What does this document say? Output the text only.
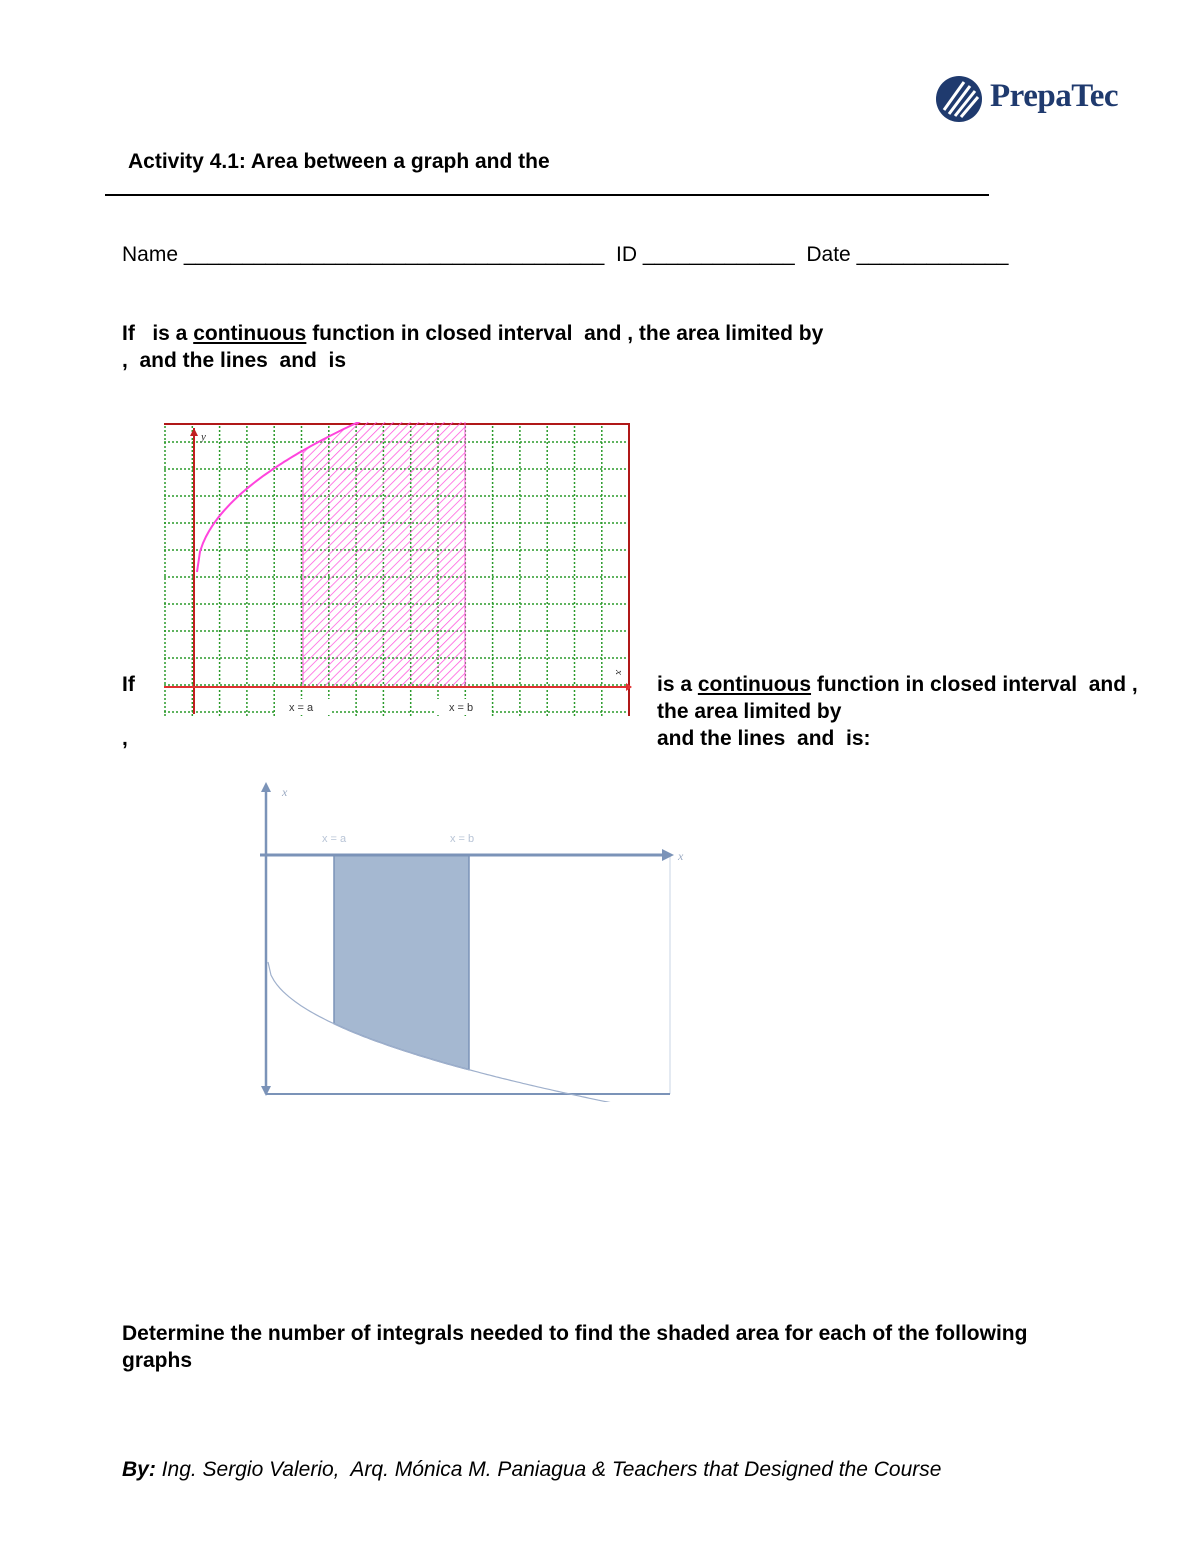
PrepaTec
Activity 4.1: Area between a graph and the
Name ____________________________________ ID _____________ Date _____________
If   is a continuous function in closed interval  and , the area limited by
,  and the lines  and  is
y
x
x = a	x = b
If
,
is a continuous function in closed interval  and ,
the area limited by
and the lines  and  is:
x
x
x = a	x = b
Determine the number of integrals needed to find the shaded area for each of the following graphs
By: Ing. Sergio Valerio,  Arq. Mónica M. Paniagua & Teachers that Designed the Course
